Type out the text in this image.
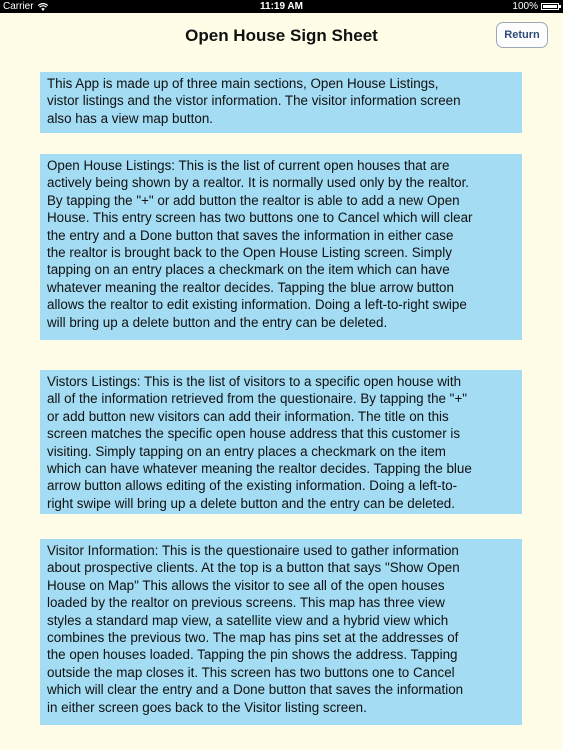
Carrier	11:19 AM	100%
Open House Sign Sheet	Return
This App is made up of three main sections, Open House Listings,
vistor listings and the vistor information. The visitor information screen
also has a view map button.
Open House Listings: This is the list of current open houses that are
actively being shown by a realtor. It is normally used only by the realtor.
By tapping the "+" or add button the realtor is able to add a new Open
House. This entry screen has two buttons one to Cancel which will clear
the entry and a Done button that saves the information in either case
the realtor is brought back to the Open House Listing screen. Simply
tapping on an entry places a checkmark on the item which can have
whatever meaning the realtor decides. Tapping the blue arrow button
allows the realtor to edit existing information. Doing a left-to-right swipe
will bring up a delete button and the entry can be deleted.
Vistors Listings: This is the list of visitors to a specific open house with
all of the information retrieved from the questionaire. By tapping the "+"
or add button new visitors can add their information. The title on this
screen matches the specific open house address that this customer is
visiting. Simply tapping on an entry places a checkmark on the item
which can have whatever meaning the realtor decides. Tapping the blue
arrow button allows editing of the existing information. Doing a left-to-
right swipe will bring up a delete button and the entry can be deleted.
Visitor Information: This is the questionaire used to gather information
about prospective clients. At the top is a button that says "Show Open
House on Map" This allows the visitor to see all of the open houses
loaded by the realtor on previous screens. This map has three view
styles a standard map view, a satellite view and a hybrid view which
combines the previous two. The map has pins set at the addresses of
the open houses loaded. Tapping the pin shows the address. Tapping
outside the map closes it. This screen has two buttons one to Cancel
which will clear the entry and a Done button that saves the information
in either screen goes back to the Visitor listing screen.
